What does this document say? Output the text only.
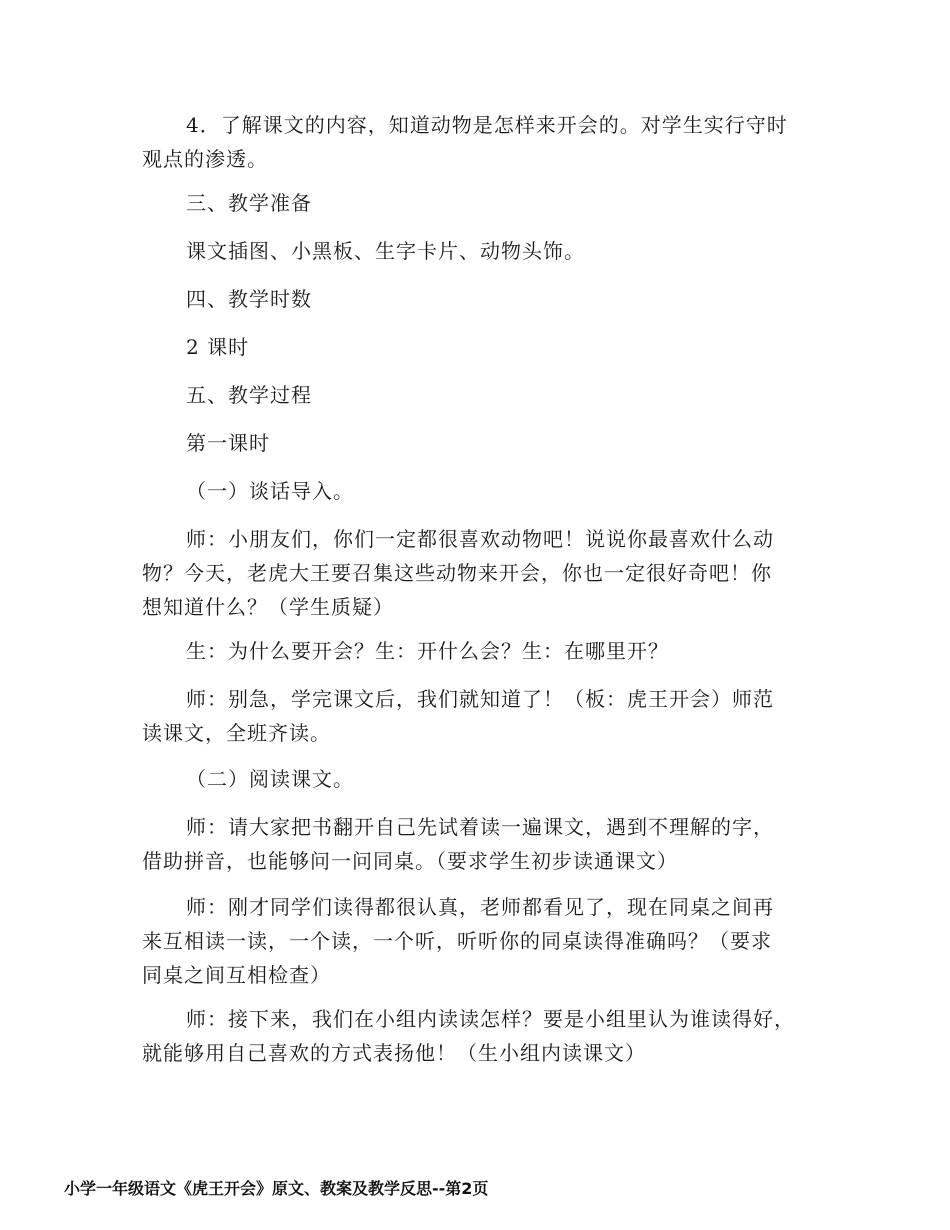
4．了解课文的内容，知道动物是怎样来开会的。对学生实行守时
观点的渗透。

三、教学准备

课文插图、小黑板、生字卡片、动物头饰。

四、教学时数

2 课时

五、教学过程

第一课时

（一）谈话导入。

师：小朋友们，你们一定都很喜欢动物吧！说说你最喜欢什么动
物？今天，老虎大王要召集这些动物来开会，你也一定很好奇吧！你
想知道什么？（学生质疑）

生：为什么要开会？生：开什么会？生：在哪里开？

师：别急，学完课文后，我们就知道了！（板：虎王开会）师范
读课文，全班齐读。

（二）阅读课文。

师：请大家把书翻开自己先试着读一遍课文，遇到不理解的字，
借助拼音，也能够问一问同桌。（要求学生初步读通课文）

师：刚才同学们读得都很认真，老师都看见了，现在同桌之间再
来互相读一读，一个读，一个听，听听你的同桌读得准确吗？（要求
同桌之间互相检查）

师：接下来，我们在小组内读读怎样？要是小组里认为谁读得好，
就能够用自己喜欢的方式表扬他！（生小组内读课文）

小学一年级语文《虎王开会》原文、教案及教学反思--第2页
